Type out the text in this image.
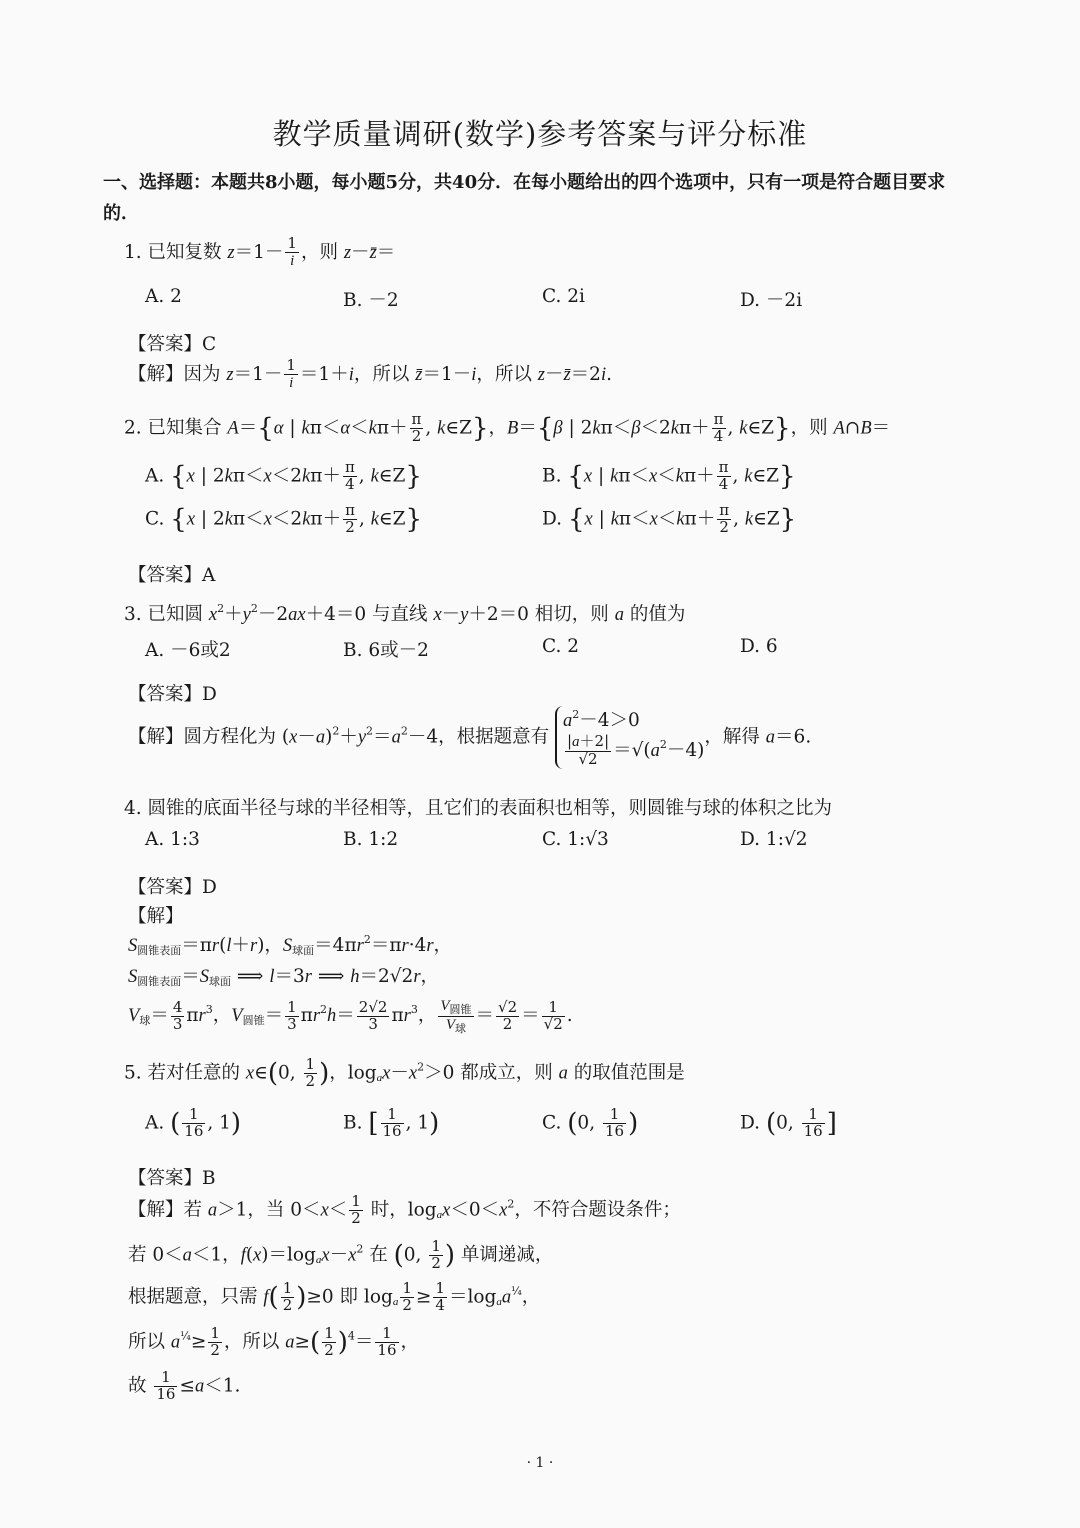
教学质量调研(数学)参考答案与评分标准
一、选择题：本题共8小题，每小题5分，共40分．在每小题给出的四个选项中，只有一项是符合题目要求
的．
1. 已知复数 $z=1- \frac{1}{i}$ ，则 z－z̄＝
A. 2	B. －2	C. 2i	D. －2i
【答案】C
【解】因为 $z=1- \frac{1}{i} =1+i$，所以 z̄＝1－i，所以 z－z̄＝2i.
2. 已知集合 A＝{α | $k\pi<\alpha<k\pi+ \frac{\pi}{2}$ , k∈Z}，B＝{β | $2k\pi<\beta<2k\pi+ \frac{\pi}{4}$ , k∈Z}，则 A∩B＝
A. {x | $2k\pi<x<2k\pi+ \frac{\pi}{4}$ , k∈Z}	B. {x | $k\pi<x<k\pi+ \frac{\pi}{4}$ , k∈Z}
C. {x | $2k\pi<x<2k\pi+ \frac{\pi}{2}$ , k∈Z}	D. {x | $k\pi<x<k\pi+ \frac{\pi}{2}$ , k∈Z}
【答案】A
3. 已知圆 $x^2+y^2-2ax+4=0$ 与直线 x－y＋2＝0 相切，则 a 的值为
A. －6或2	B. 6或－2	C. 2	D. 6
【答案】D
【解】圆方程化为 $(x-a)^2+y^2=a^2-4$，根据题意有
$a^2-4>0$
$\frac{|a+2|}{√2} =√(a^2-4)$
，解得 a＝6.
4. 圆锥的底面半径与球的半径相等，且它们的表面积也相等，则圆锥与球的体积之比为
A. 1:3	B. 1:2	C. 1:√3	D. 1:√2
【答案】D
【解】
$S_{圆锥表面}=\pi r(l+r)$，$S_{球面}=4\pi r^2=\pi r\cdot 4r$，
$S_{圆锥表面}=S_{球面}$ ⟹ l＝3r ⟹ h＝2√2r，
$V_球= \frac{4}{3} \pi r^3$，$V_{圆锥}= \frac{1}{3} \pi r^2h= \frac{2√2}{3} \pi r^3$， $\frac{V_{圆锥}}{V_球} = \frac{√2}{2} = \frac{1}{√2}$ .
5. 若对任意的 x∈(0, $\frac{1}{2}$ )，$\log_ax-x^2>0$ 都成立，则 a 的取值范围是
A. ( $\frac{1}{16}$ , 1)	B. [ $\frac{1}{16}$ , 1)	C. (0, $\frac{1}{16}$ )	D. (0, $\frac{1}{16}$ ]
【答案】B
【解】若 a＞1，当 $0<x< \frac{1}{2}$ 时，$\log_ax<0<x^2$，不符合题设条件；
若 0＜a＜1，$f(x)=\log_ax-x^2$ 在 (0, $\frac{1}{2}$ ) 单调递减，
根据题意，只需 $f( \frac{1}{2} )\ge 0$ 即 $\log_a \frac{1}{2} \ge \frac{1}{4} =\log_aa^{\frac{1}{4}}$，
所以 $a^{\frac{1}{4}}\ge \frac{1}{2}$ ，所以 $a\ge( \frac{1}{2} )^4= \frac{1}{16}$ ，
故 $\frac{1}{16} \le a<1$.
· 1 ·
